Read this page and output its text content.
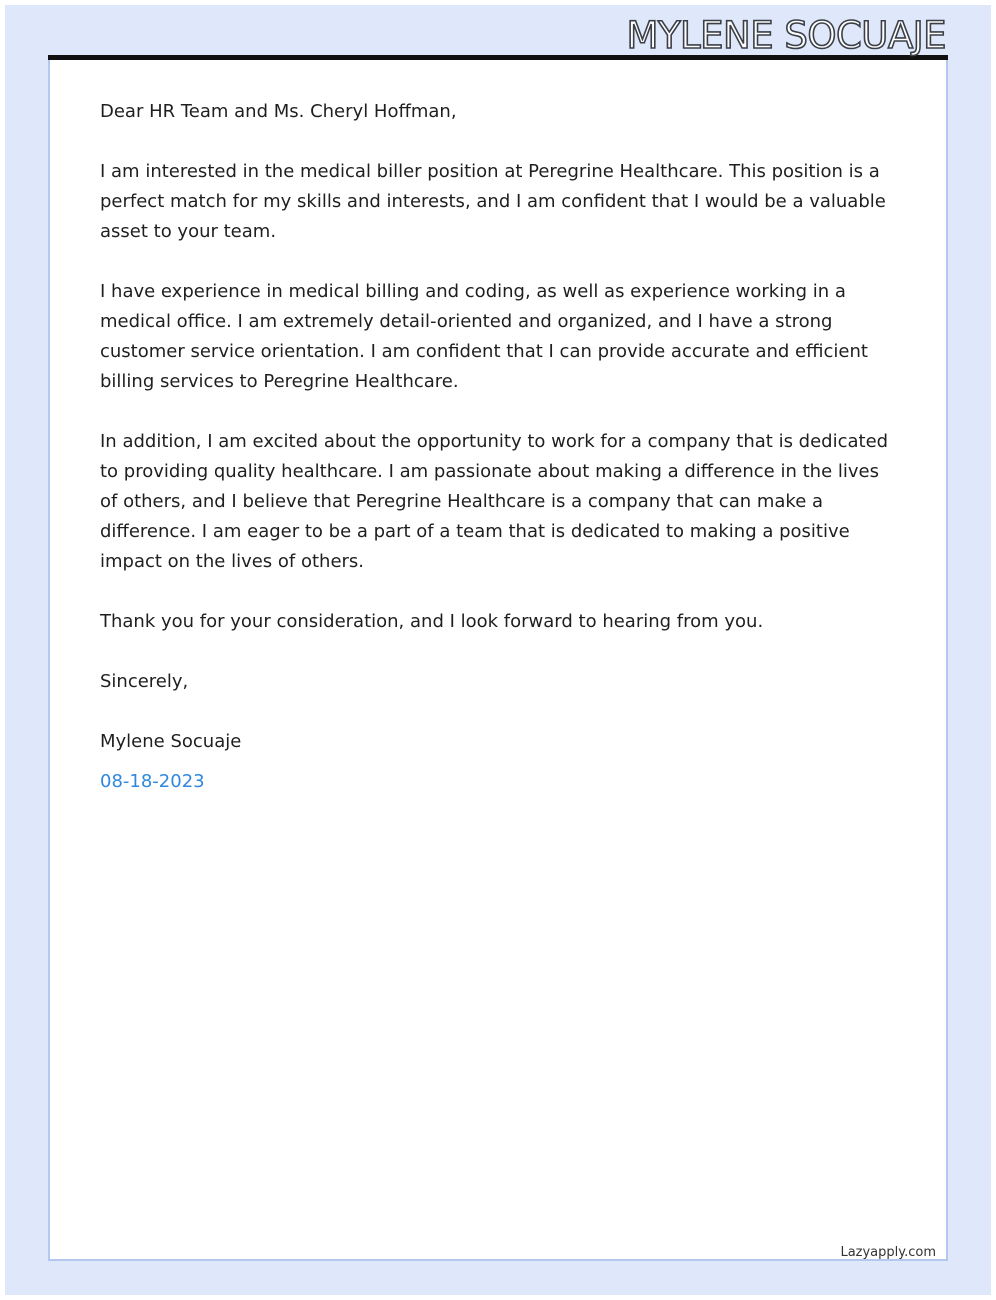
MYLENE SOCUAJE

Dear HR Team and Ms. Cheryl Hoffman,

I am interested in the medical biller position at Peregrine Healthcare. This position is a perfect match for my skills and interests, and I am confident that I would be a valuable asset to your team.

I have experience in medical billing and coding, as well as experience working in a medical office. I am extremely detail-oriented and organized, and I have a strong customer service orientation. I am confident that I can provide accurate and efficient billing services to Peregrine Healthcare.

In addition, I am excited about the opportunity to work for a company that is dedicated to providing quality healthcare. I am passionate about making a difference in the lives of others, and I believe that Peregrine Healthcare is a company that can make a difference. I am eager to be a part of a team that is dedicated to making a positive impact on the lives of others.

Thank you for your consideration, and I look forward to hearing from you.

Sincerely,

Mylene Socuaje

08-18-2023

Lazyapply.com
